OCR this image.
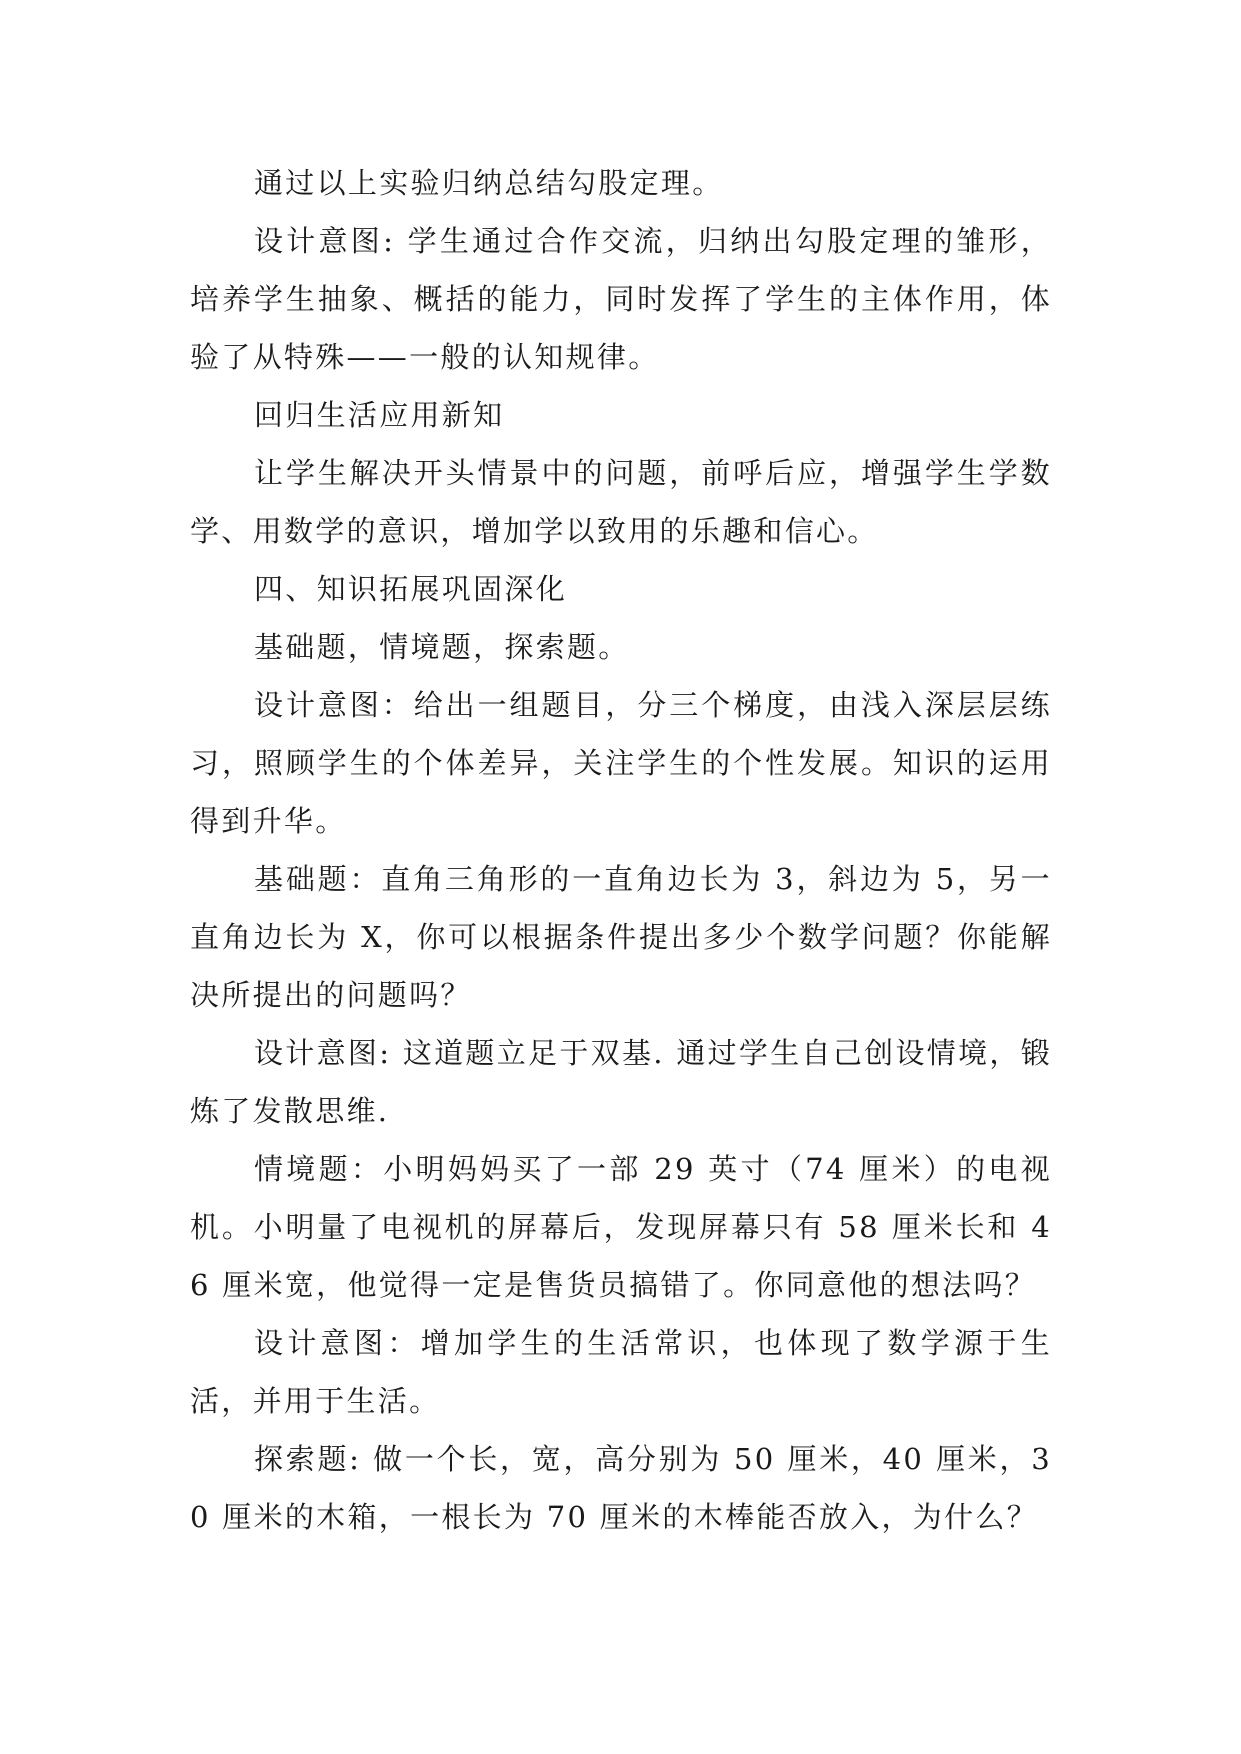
通过以上实验归纳总结勾股定理。

设计意图: 学生通过合作交流，归纳出勾股定理的雏形，培养学生抽象、概括的能力，同时发挥了学生的主体作用，体验了从特殊——一般的认知规律。

回归生活应用新知

让学生解决开头情景中的问题，前呼后应，增强学生学数学、用数学的意识，增加学以致用的乐趣和信心。

四、知识拓展巩固深化

基础题，情境题，探索题。

设计意图：给出一组题目，分三个梯度，由浅入深层层练习，照顾学生的个体差异，关注学生的个性发展。知识的运用得到升华。

基础题：直角三角形的一直角边长为 3，斜边为 5，另一直角边长为 X，你可以根据条件提出多少个数学问题？你能解决所提出的问题吗？

设计意图: 这道题立足于双基. 通过学生自己创设情境，锻炼了发散思维.

情境题：小明妈妈买了一部 29 英寸（74 厘米）的电视机。小明量了电视机的屏幕后，发现屏幕只有 58 厘米长和 46 厘米宽，他觉得一定是售货员搞错了。你同意他的想法吗？

设计意图：增加学生的生活常识，也体现了数学源于生活，并用于生活。

探索题: 做一个长，宽，高分别为 50 厘米，40 厘米，30 厘米的木箱，一根长为 70 厘米的木棒能否放入，为什么？
